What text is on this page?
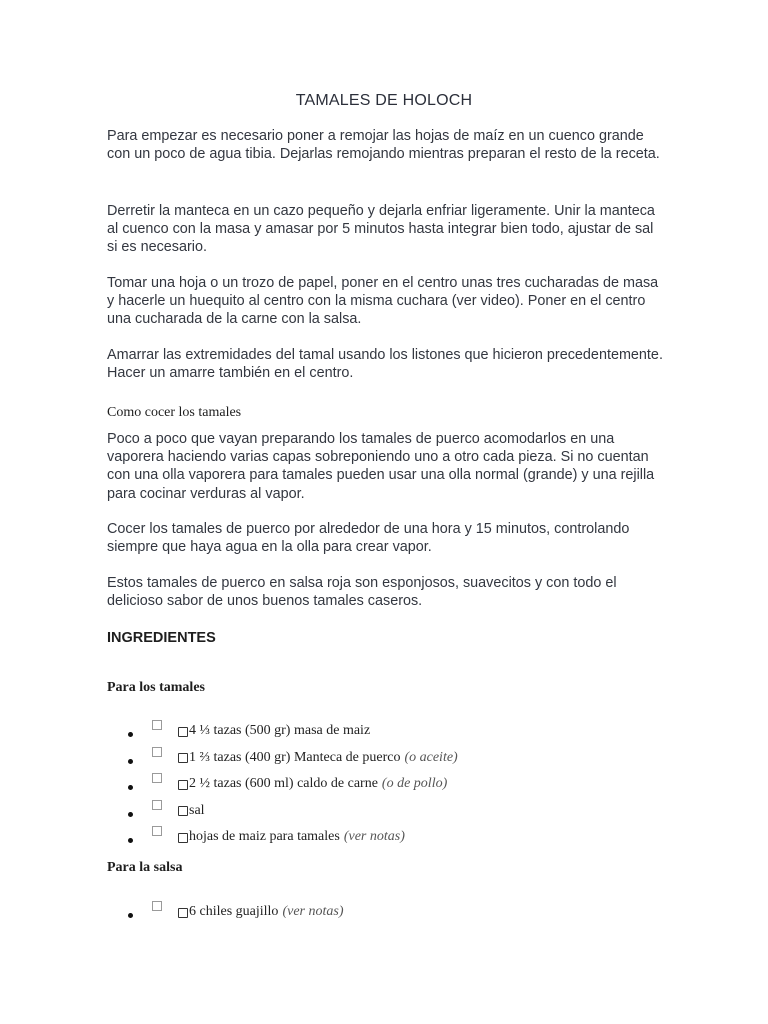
TAMALES DE HOLOCH

Para empezar es necesario poner a remojar las hojas de maíz en un cuenco grande con un poco de agua tibia. Dejarlas remojando mientras preparan el resto de la receta.

Derretir la manteca en un cazo pequeño y dejarla enfriar ligeramente. Unir la manteca al cuenco con la masa y amasar por 5 minutos hasta integrar bien todo, ajustar de sal si es necesario.

Tomar una hoja o un trozo de papel, poner en el centro unas tres cucharadas de masa y hacerle un huequito al centro con la misma cuchara (ver video). Poner en el centro una cucharada de la carne con la salsa.

Amarrar las extremidades del tamal usando los listones que hicieron precedentemente. Hacer un amarre también en el centro.

Como cocer los tamales

Poco a poco que vayan preparando los tamales de puerco acomodarlos en una vaporera haciendo varias capas sobreponiendo uno a otro cada pieza. Si no cuentan con una olla vaporera para tamales pueden usar una olla normal (grande) y una rejilla para cocinar verduras al vapor.

Cocer los tamales de puerco por alrededor de una hora y 15 minutos, controlando siempre que haya agua en la olla para crear vapor.

Estos tamales de puerco en salsa roja son esponjosos, suavecitos y con todo el delicioso sabor de unos buenos tamales caseros.

INGREDIENTES

Para los tamales

4 ⅓ tazas (500 gr) masa de maiz
1 ⅔ tazas (400 gr) Manteca de puerco (o aceite)
2 ½ tazas (600 ml) caldo de carne (o de pollo)
sal
hojas de maiz para tamales (ver notas)

Para la salsa

6 chiles guajillo (ver notas)
